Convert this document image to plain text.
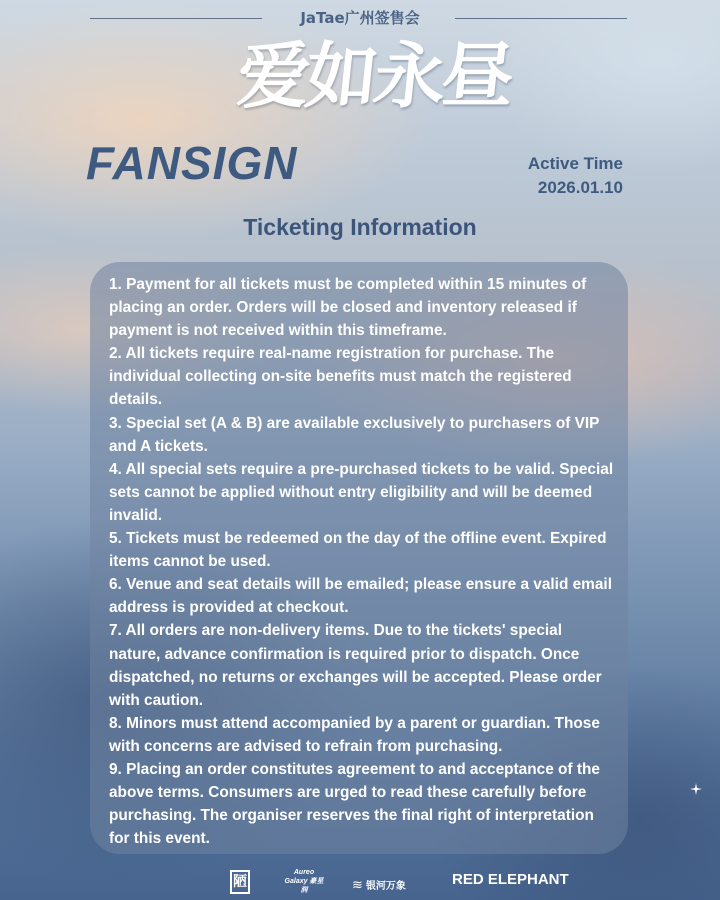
JaTae广州签售会
爱如永昼
FANSIGN	Active Time
2026.01.10
Ticketing Information
1. Payment for all tickets must be completed within 15 minutes of placing an order. Orders will be closed and inventory released if payment is not received within this timeframe.
2. All tickets require real-name registration for purchase. The individual collecting on-site benefits must match the registered details.
3. Special set (A & B) are available exclusively to purchasers of VIP and A tickets.
4. All special sets require a pre-purchased tickets to be valid. Special sets cannot be applied without entry eligibility and will be deemed invalid.
5. Tickets must be redeemed on the day of the offline event. Expired items cannot be used.
6. Venue and seat details will be emailed; please ensure a valid email address is provided at checkout.
7. All orders are non-delivery items. Due to the tickets' special nature, advance confirmation is required prior to dispatch. Once dispatched, no returns or exchanges will be accepted. Please order with caution.
8. Minors must attend accompanied by a parent or guardian. Those with concerns are advised to refrain from purchasing.
9. Placing an order constitutes agreement to and acceptance of the above terms. Consumers are urged to read these carefully before purchasing. The organiser reserves the final right of interpretation for this event.
陋
Aureo Galaxy 豪星润	≋ 银河万象	RED ELEPHANT
